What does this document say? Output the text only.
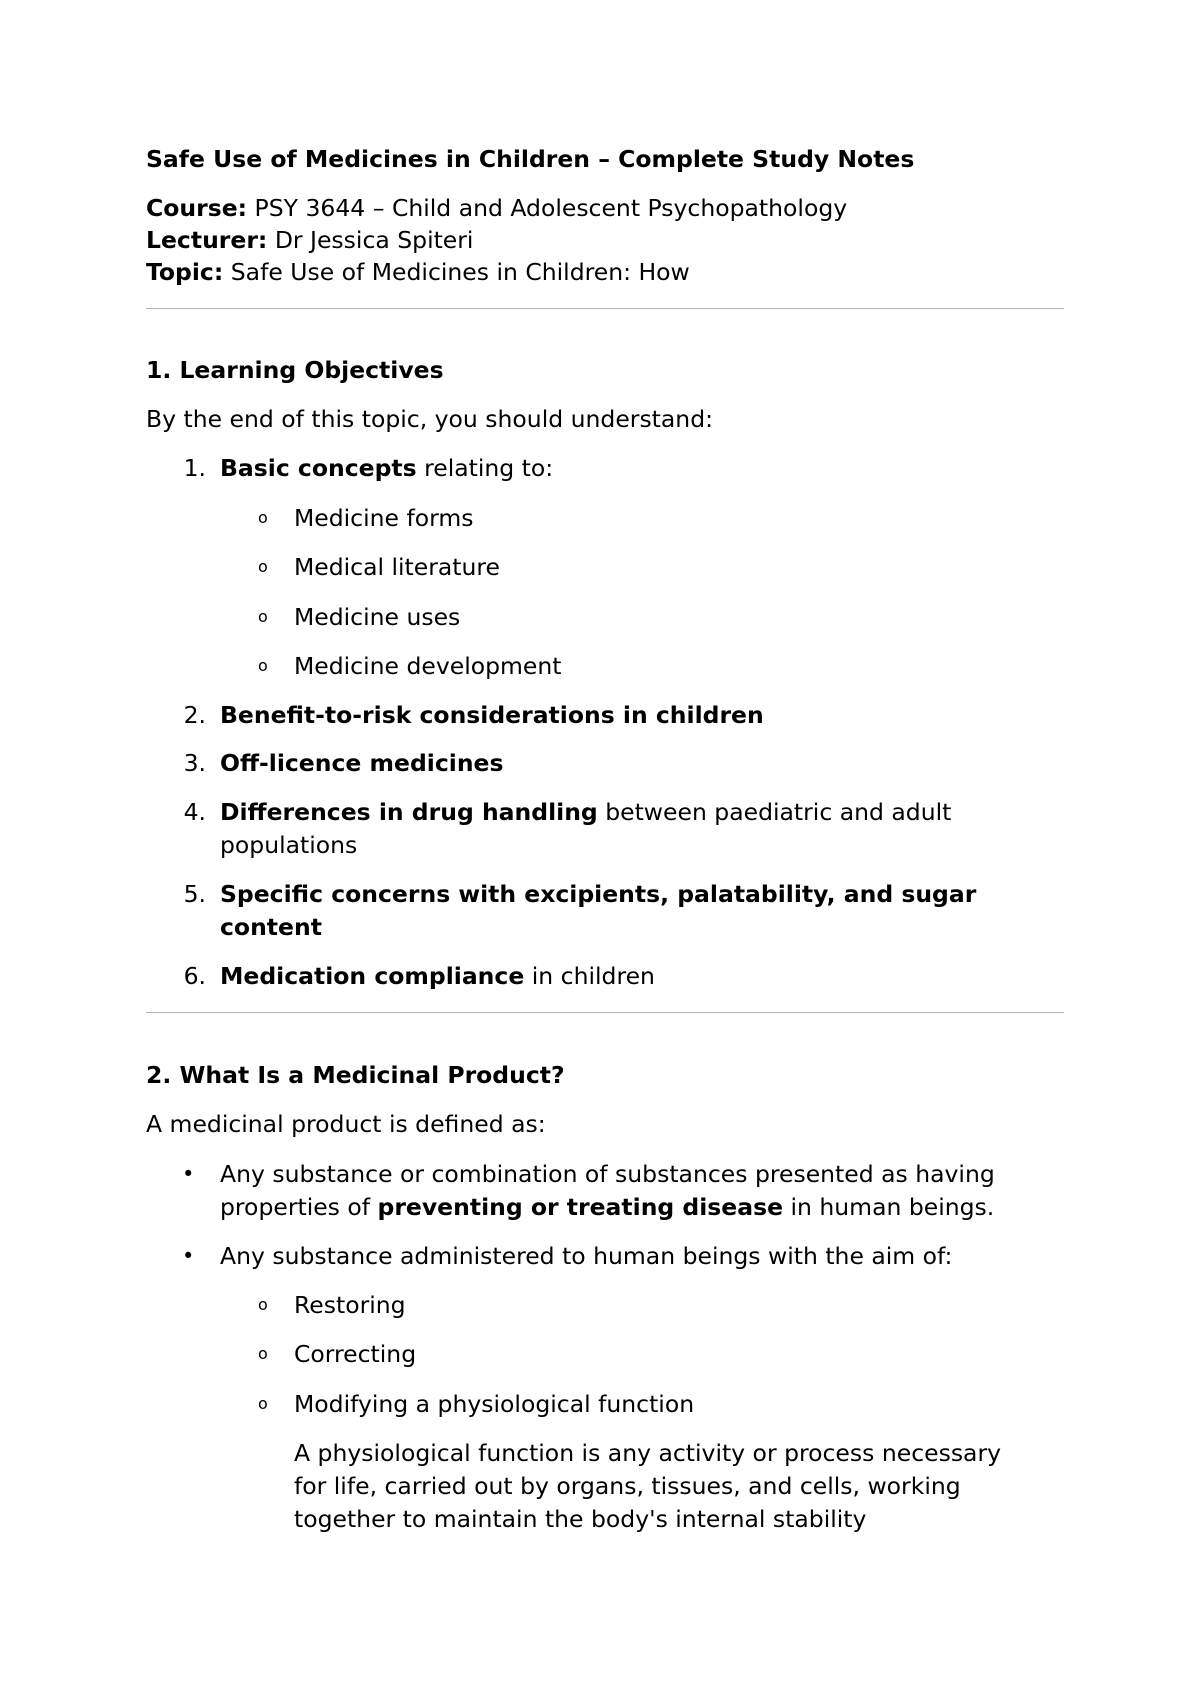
Safe Use of Medicines in Children – Complete Study Notes
Course: PSY 3644 – Child and Adolescent Psychopathology
Lecturer: Dr Jessica Spiteri
Topic: Safe Use of Medicines in Children: How
1. Learning Objectives
By the end of this topic, you should understand:
1. Basic concepts relating to:
o Medicine forms
o Medical literature
o Medicine uses
o Medicine development
2. Benefit-to-risk considerations in children
3. Off-licence medicines
4. Differences in drug handling between paediatric and adult
populations
5. Specific concerns with excipients, palatability, and sugar
content
6. Medication compliance in children
2. What Is a Medicinal Product?
A medicinal product is defined as:
• Any substance or combination of substances presented as having
properties of preventing or treating disease in human beings.
• Any substance administered to human beings with the aim of:
o Restoring
o Correcting
o Modifying a physiological function
A physiological function is any activity or process necessary
for life, carried out by organs, tissues, and cells, working
together to maintain the body's internal stability
